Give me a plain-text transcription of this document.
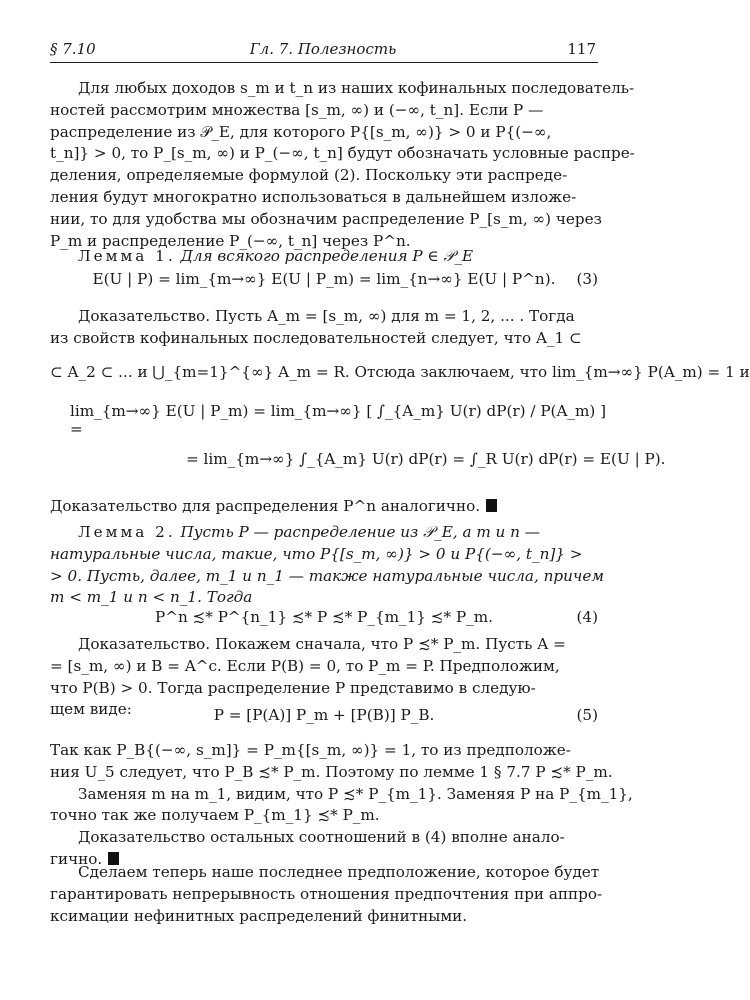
§ 7.10	Гл. 7. Полезность	117
Для любых доходов s_m и t_n из наших кофинальных последователь-
ностей рассмотрим множества [s_m, ∞) и (−∞, t_n]. Если P —
распределение из 𝒫_E, для которого P{[s_m, ∞)} > 0 и P{(−∞,
t_n]} > 0, то P_[s_m, ∞) и P_(−∞, t_n] будут обозначать условные распре-
деления, определяемые формулой (2). Поскольку эти распреде-
ления будут многократно использоваться в дальнейшем изложе-
нии, то для удобства мы обозначим распределение P_[s_m, ∞) через
P_m и распределение P_(−∞, t_n] через P^n.
Лемма 1. Для всякого распределения P ∈ 𝒫_E
E(U | P) = lim_{m→∞} E(U | P_m) = lim_{n→∞} E(U | P^n).	(3)
Доказательство. Пусть A_m = [s_m, ∞) для m = 1, 2, ... . Тогда
из свойств кофинальных последовательностей следует, что A_1 ⊂
⊂ A_2 ⊂ ... и ⋃_{m=1}^{∞} A_m = R. Отсюда заключаем, что lim_{m→∞} P(A_m) = 1 и
lim_{m→∞} E(U | P_m) = lim_{m→∞} [ ∫_{A_m} U(r) dP(r) / P(A_m) ] =
= lim_{m→∞} ∫_{A_m} U(r) dP(r) = ∫_R U(r) dP(r) = E(U | P).
Доказательство для распределения P^n аналогично.
Лемма 2. Пусть P — распределение из 𝒫_E, а m и n —
натуральные числа, такие, что P{[s_m, ∞)} > 0 и P{(−∞, t_n]} >
> 0. Пусть, далее, m_1 и n_1 — также натуральные числа, причем
m < m_1 и n < n_1. Тогда
P^n ≾* P^{n_1} ≾* P ≾* P_{m_1} ≾* P_m.	(4)
Доказательство. Покажем сначала, что P ≾* P_m. Пусть A =
= [s_m, ∞) и B = A^c. Если P(B) = 0, то P_m = P. Предположим,
что P(B) > 0. Тогда распределение P представимо в следую-
щем виде:	P = [P(A)] P_m + [P(B)] P_B.	(5)
Так как P_B{(−∞, s_m]} = P_m{[s_m, ∞)} = 1, то из предположе-
ния U_5 следует, что P_B ≾* P_m. Поэтому по лемме 1 § 7.7 P ≾* P_m.
Заменяя m на m_1, видим, что P ≾* P_{m_1}. Заменяя P на P_{m_1},
точно так же получаем P_{m_1} ≾* P_m.
Доказательство остальных соотношений в (4) вполне анало-
гично.
Сделаем теперь наше последнее предположение, которое будет
гарантировать непрерывность отношения предпочтения при аппро-
ксимации нефинитных распределений финитными.
